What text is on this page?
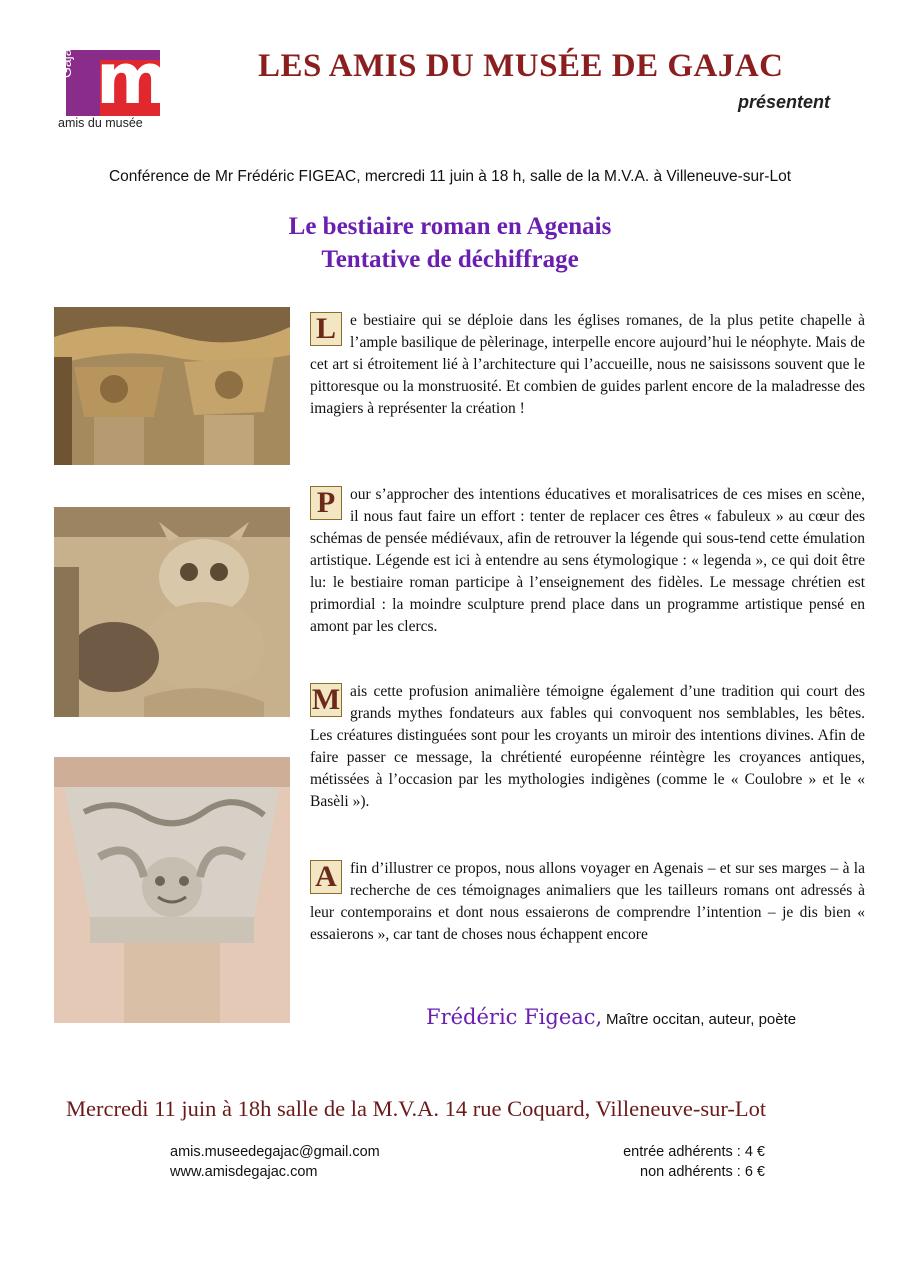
m
Gajac
amis du musée
LES AMIS DU MUSÉE DE GAJAC
présentent
Conférence de Mr Frédéric FIGEAC, mercredi 11 juin à 18 h, salle de la M.V.A. à Villeneuve-sur-Lot
Le bestiaire roman en Agenais
Tentative de déchiffrage
L e bestiaire qui se déploie dans les églises romanes, de la plus petite chapelle à l’ample basilique de pèlerinage, interpelle encore aujourd’hui le néophyte. Mais de cet art si étroitement lié à l’architecture qui l’accueille, nous ne saisissons souvent que le pittoresque ou la monstruosité. Et combien de guides parlent encore de la maladresse des imagiers à représenter la création !
P our s’approcher des intentions éducatives et moralisatrices de ces mises en scène, il nous faut faire un effort : tenter de replacer ces êtres « fabuleux » au cœur des schémas de pensée médiévaux, afin de retrouver la légende qui sous-tend cette émulation artistique. Légende est ici à entendre au sens étymologique : « legenda », ce qui doit être lu: le bestiaire roman participe à l’enseignement des fidèles. Le message chrétien est primordial : la moindre sculpture prend place dans un programme artistique pensé en amont par les clercs.
M ais cette profusion animalière témoigne également d’une tradition qui court des grands mythes fondateurs aux fables qui convoquent nos semblables, les bêtes. Les créatures distinguées sont pour les croyants un miroir des intentions divines. Afin de faire passer ce message, la chrétienté européenne réintègre les croyances antiques, métissées à l’occasion par les mythologies indigènes (comme le « Coulobre » et le « Basèli »).
A fin d’illustrer ce propos, nous allons voyager en Agenais – et sur ses marges – à la recherche de ces témoignages animaliers que les tailleurs romans ont adressés à leur contemporains et dont nous essaierons de comprendre l’intention – je dis bien « essaierons », car tant de choses nous échappent encore
Frédéric Figeac, Maître occitan, auteur, poète
Mercredi 11 juin à 18h salle de la M.V.A. 14 rue Coquard, Villeneuve-sur-Lot
amis.museedegajac@gmail.com
www.amisdegajac.com
entrée adhérents : 4 €
non adhérents : 6 €
